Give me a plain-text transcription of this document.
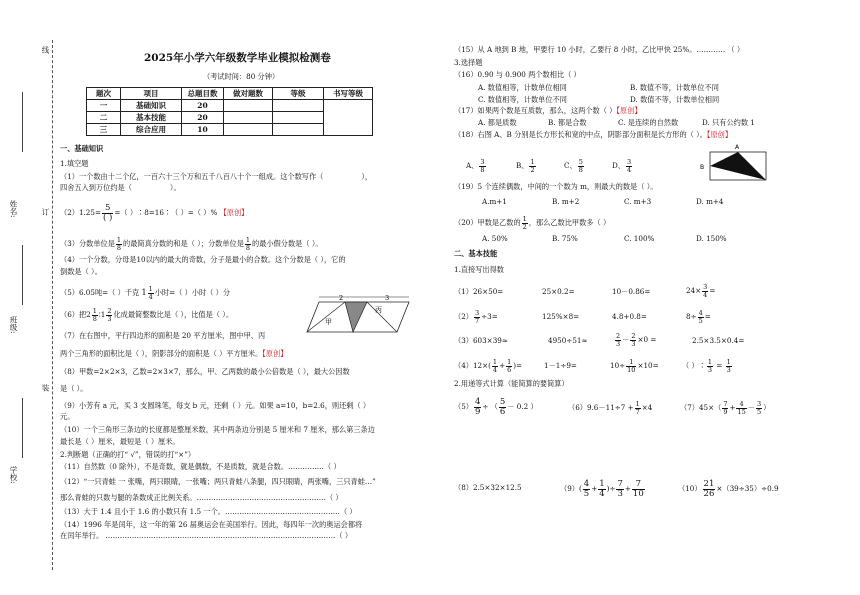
线
姓名:	订
班级:
装
学校:
2025年小学六年级数学毕业模拟检测卷
（考试时间：80 分钟）
题次	项目	总题目数	做对题数	等级	书写等级
一	基础知识	20			
二	基本技能	20			
三	综合应用	10			
一、基础知识
1.填空题
（1）一个数由十二个亿，一百六十三个万和五千八百八十个一组成。这个数写作（	），
四舍五入到万位约是（	）。
$(2)1.25= \frac{5}{( )}$ =（ ）∶8=16∶（ ）=（ ）% 【原创】
（3）分数单位是 $\frac{1}{8}$ 的最简真分数的和是（ ）；分数单位是 $\frac{1}{8}$ 的最小假分数是（ ）。
（4）一个分数，分母是10以内的最大的奇数，分子是最小的合数。这个分数是（ ），它的
倒数是（ ）。
（5）6.05吨=（ ）千克 $1 \frac{1}{4}$ 小时=（ ）小时（ ）分
（6）把$2 \frac{1}{8}$ ∶1 $\frac{2}{3}$ 化成最简整数比是（ ），比值是（ ）。
2	3
甲
丙
（7）在右图中，平行四边形的面积是 20 平方厘米，图中甲、丙
两个三角形的面积比是（ ），阴影部分的面积是（ ）平方厘米。【原创】
（8）甲数=2×2×3，乙数=2×3×7，那么，甲、乙两数的最小公倍数是（ ），最大公因数
是（ ）。
（9）小芳有 a 元，买 3 支圆珠笔，每支 b 元，还剩（ ）元。如果 a=10，b=2.6，则还剩（ ）
元。
（10）一个三角形三条边的长度都是整厘米数，其中两条边分别是 5 厘米和 7 厘米，那么第三条边
最长是（ ）厘米，最短是（ ）厘米。
2.判断题（正确的打“ √”，错误的打“×”）
（11）自然数（0 除外），不是奇数，就是偶数，不是质数，就是合数。……………（ ）
（12）“一只青蛙 一 张嘴，两只眼睛，一张嘴；两只青蛙八条腿，四只眼睛，两张嘴，三只青蛙…”
那么青蛙的只数与腿的条数成正比例关系。………………………………………………（ ）
（13）大于 1.4 且小于 1.6 的小数只有 1.5 一个。…………………………………………（ ）
（14）1996 年是闰年，这一年的第 26 届奥运会在美国举行。因此，每四年一次的奥运会都将
在闰年举行。 ……………………………………………………………………………………（ ）
（15）从 A 地到 B 地，甲要行 10 小时，乙要行 8 小时，乙比甲快 25%。………… （ ）
3.选择题
（16）0.90 与 0.900 两个数相比（ ）
A. 数值相等，计数单位相同	B. 数值不等，计数单位不同
C. 数值相等，计数单位不同	D. 数值不等，计数单位相同
（17）如果两个数是互质数，那么，这两个数（ ）【原创】
A. 都是质数	B. 都是合数	C. 是连续的自然数	D. 只有公约数 1
（18）右图 A、B 分别是长方形长和宽的中点，阴影部分面积是长方形的（ ）。【原创】
A、 $\frac{3}{8}$	B、 $\frac{1}{2}$	C、 $\frac{5}{8}$	D、 $\frac{3}{4}$
A
B
（19）5 个连续偶数，中间的一个数为 m，则最大的数是（ ）。
A.m+1	B. m+2	C. m+3	D. m+4
（20）甲数是乙数的 $\frac{1}{2}$ ，那么乙数比甲数多（ ）
A. 50%	B. 75%	C. 100%	D. 150%
二、基本技能
1.直接写出得数
（1）26×50=	25×0.2=	10－0.86=	$24\times \frac{3}{4}$ =
$(2) \frac{3}{7} \div 3=$	125%×8=	4.8+0.8=	$8\div \frac{4}{5}$ =
（3）603×39≈	4950÷51≈	$\frac{2}{3} - \frac{2}{3} \times 0$ =	2.5×3.5×0.4=
$(4)12\times( \frac{1}{4} + \frac{1}{6}$ )=	1－1÷9=	$10\div \frac{1}{10} \times 10=$	（ ）∶ $\frac{1}{3} = \frac{1}{3}$
2.用递等式计算（能简算的要简算）
$(5) \frac{4}{9}$ ÷ （ $\frac{5}{6} - 0.2$ ）	$(6)9.6-11\div 7 + \frac{1}{7} \times 4$	$(7)45\times( \frac{7}{9} + \frac{4}{15} - \frac{3}{5}$ ）
（8）2.5×32×12.5	$(9)( \frac{4}{5} + \frac{1}{4}$ )÷ $\frac{7}{3} + \frac{7}{10}$	$(10) \frac{21}{26} \times(39\div 35)\div 0.9$
